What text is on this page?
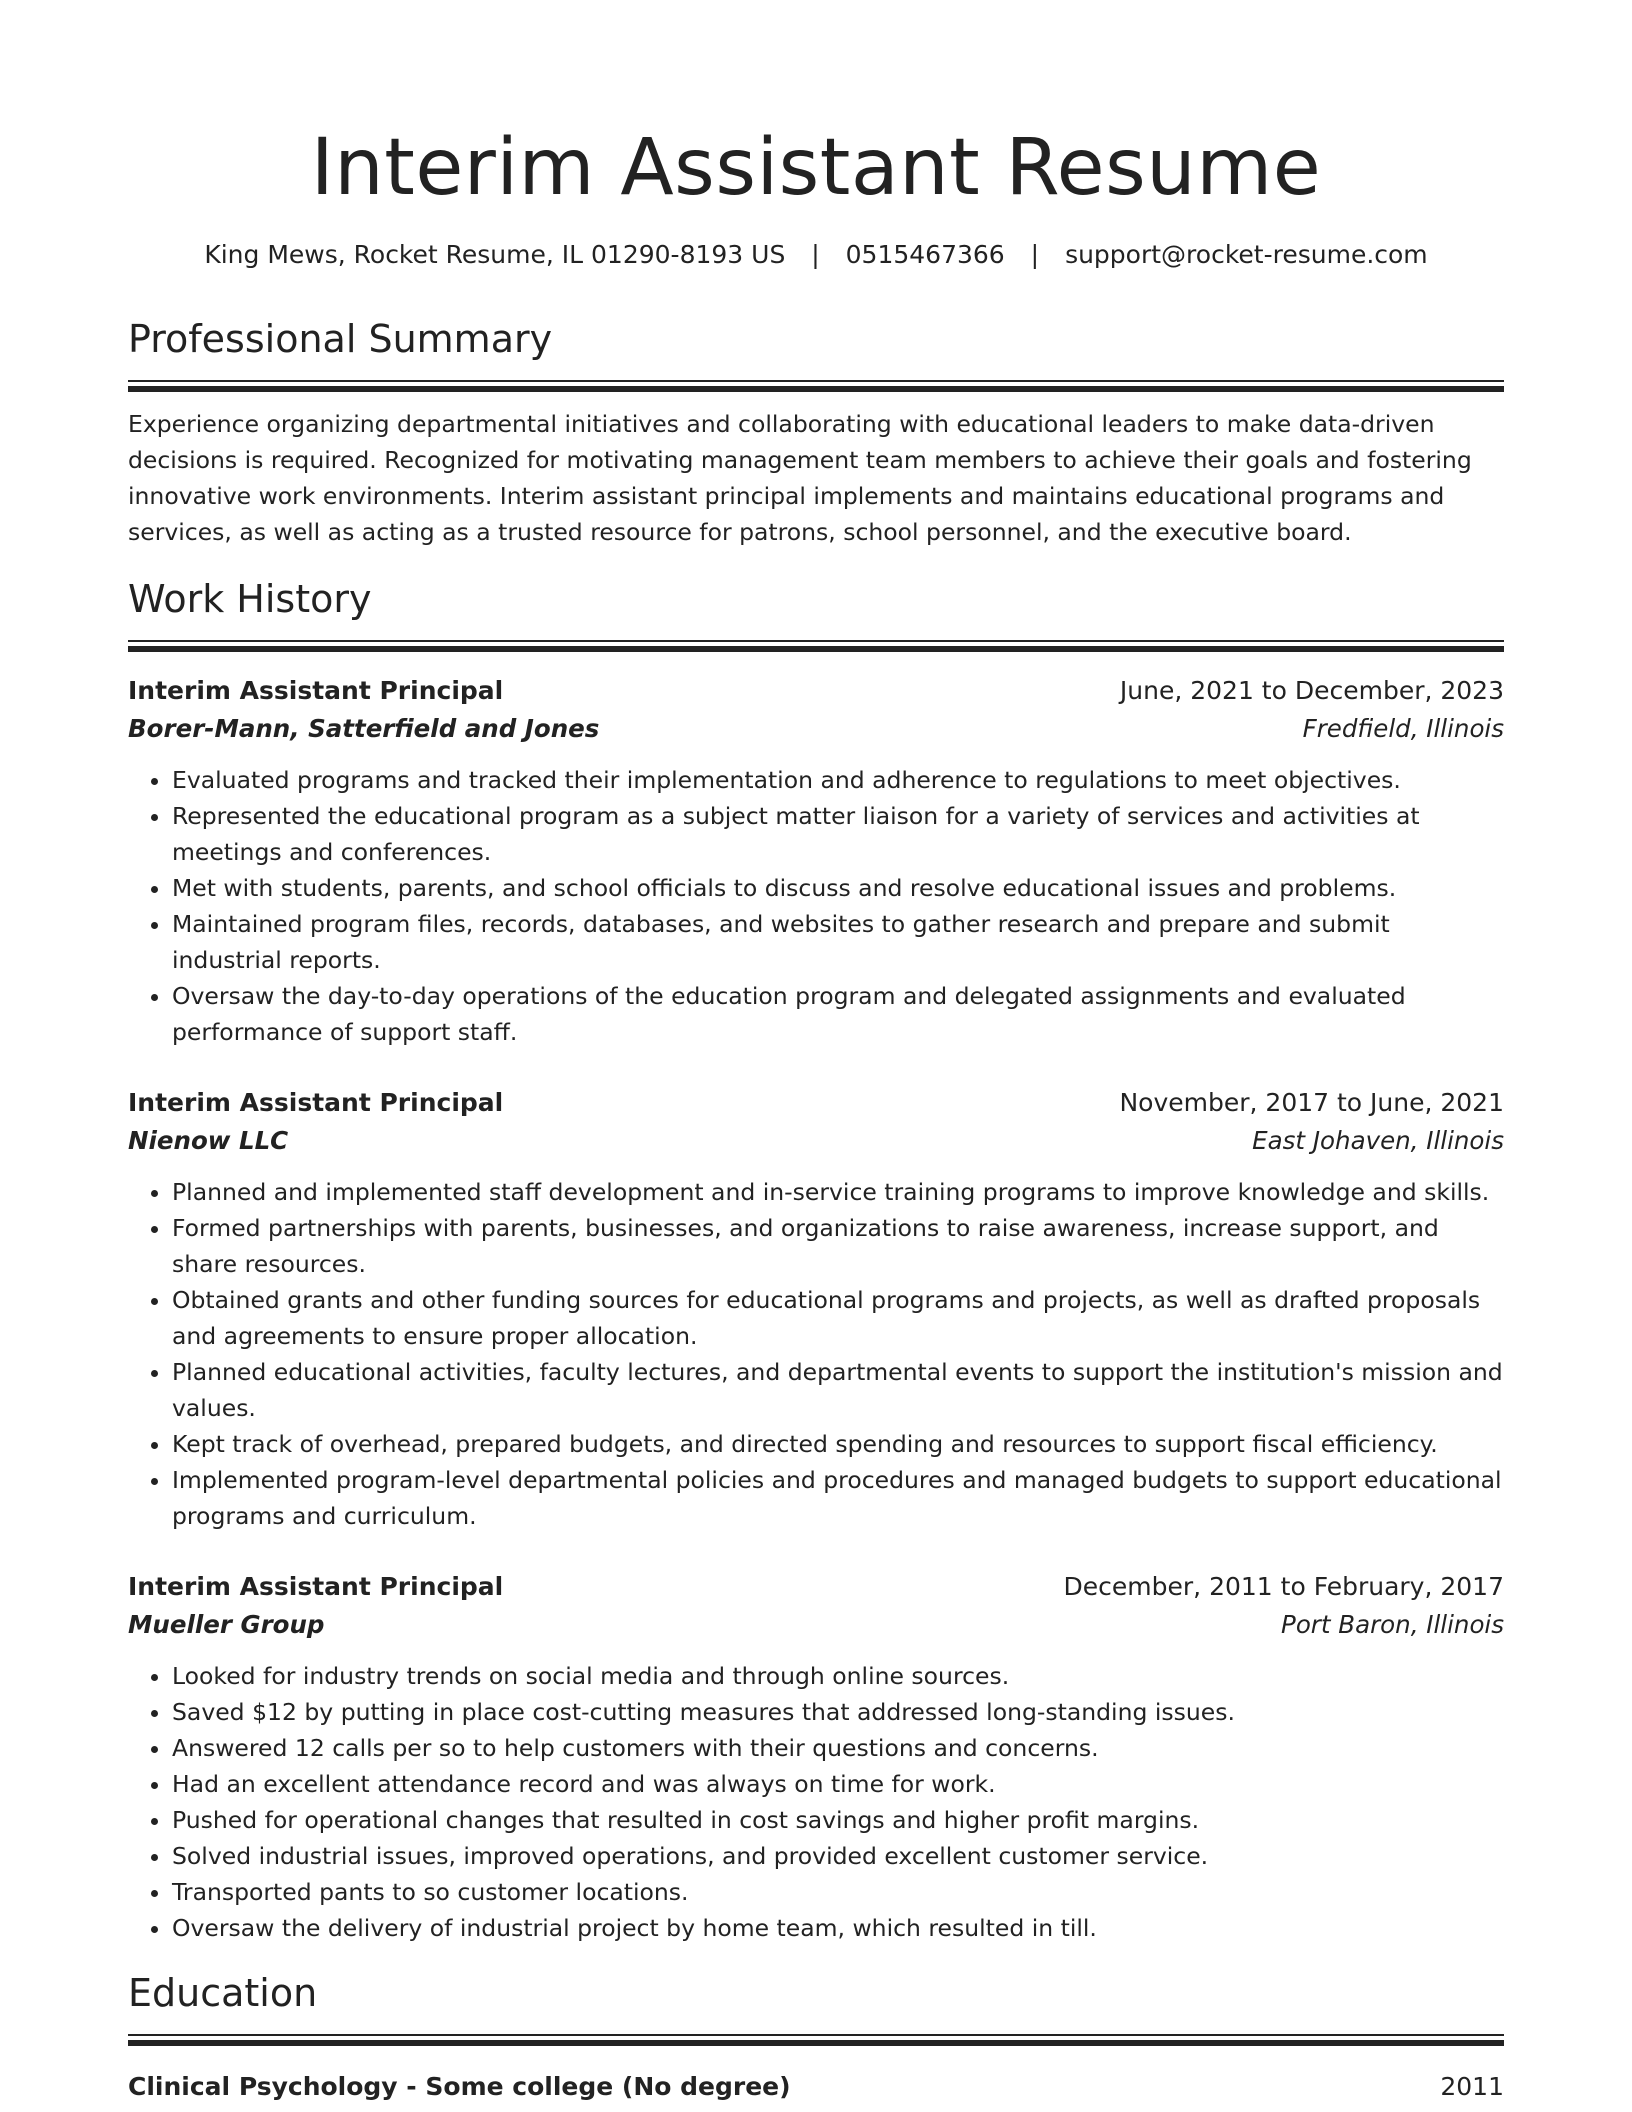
Interim Assistant Resume
King Mews, Rocket Resume, IL 01290-8193 US | 0515467366 | support@rocket-resume.com
Professional Summary

Experience organizing departmental initiatives and collaborating with educational leaders to make data-driven decisions is required. Recognized for motivating management team members to achieve their goals and fostering innovative work environments. Interim assistant principal implements and maintains educational programs and services, as well as acting as a trusted resource for patrons, school personnel, and the executive board.

Work History
Interim Assistant Principal	June, 2021 to December, 2023
Borer-Mann, Satterfield and Jones	Fredfield, Illinois
• Evaluated programs and tracked their implementation and adherence to regulations to meet objectives.
• Represented the educational program as a subject matter liaison for a variety of services and activities at meetings and conferences.
• Met with students, parents, and school officials to discuss and resolve educational issues and problems.
• Maintained program files, records, databases, and websites to gather research and prepare and submit industrial reports.
• Oversaw the day-to-day operations of the education program and delegated assignments and evaluated performance of support staff.
Interim Assistant Principal	November, 2017 to June, 2021
Nienow LLC	East Johaven, Illinois
• Planned and implemented staff development and in-service training programs to improve knowledge and skills.
• Formed partnerships with parents, businesses, and organizations to raise awareness, increase support, and share resources.
• Obtained grants and other funding sources for educational programs and projects, as well as drafted proposals and agreements to ensure proper allocation.
• Planned educational activities, faculty lectures, and departmental events to support the institution's mission and values.
• Kept track of overhead, prepared budgets, and directed spending and resources to support fiscal efficiency.
• Implemented program-level departmental policies and procedures and managed budgets to support educational programs and curriculum.
Interim Assistant Principal	December, 2011 to February, 2017
Mueller Group	Port Baron, Illinois
• Looked for industry trends on social media and through online sources.
• Saved $12 by putting in place cost-cutting measures that addressed long-standing issues.
• Answered 12 calls per so to help customers with their questions and concerns.
• Had an excellent attendance record and was always on time for work.
• Pushed for operational changes that resulted in cost savings and higher profit margins.
• Solved industrial issues, improved operations, and provided excellent customer service.
• Transported pants to so customer locations.
• Oversaw the delivery of industrial project by home team, which resulted in till.
Education
Clinical Psychology - Some college (No degree)	2011
